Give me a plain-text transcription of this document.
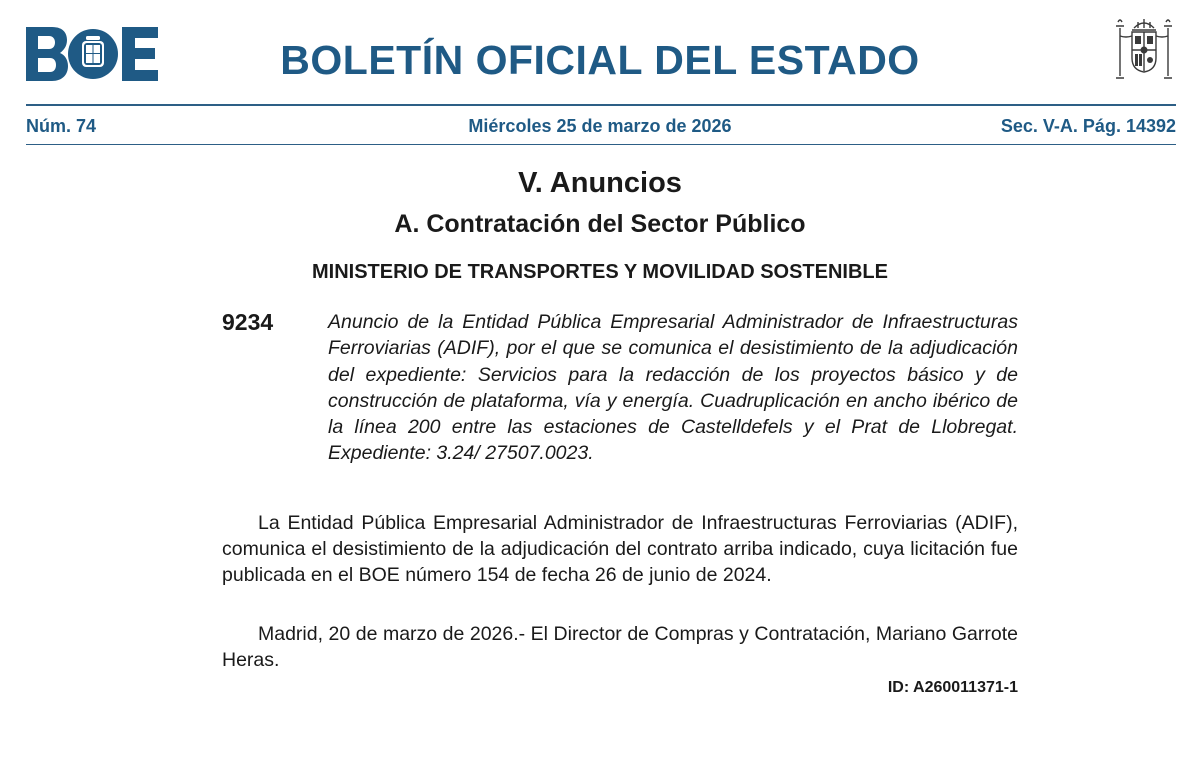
BOLETÍN OFICIAL DEL ESTADO
Núm. 74	Miércoles 25 de marzo de 2026	Sec. V-A. Pág. 14392
V. Anuncios
A. Contratación del Sector Público
MINISTERIO DE TRANSPORTES Y MOVILIDAD SOSTENIBLE
9234	Anuncio de la Entidad Pública Empresarial Administrador de Infraestructuras Ferroviarias (ADIF), por el que se comunica el desistimiento de la adjudicación del expediente: Servicios para la redacción de los proyectos básico y de construcción de plataforma, vía y energía. Cuadruplicación en ancho ibérico de la línea 200 entre las estaciones de Castelldefels y el Prat de Llobregat. Expediente: 3.24/ 27507.0023.

La Entidad Pública Empresarial Administrador de Infraestructuras Ferroviarias (ADIF), comunica el desistimiento de la adjudicación del contrato arriba indicado, cuya licitación fue publicada en el BOE número 154 de fecha 26 de junio de 2024.

Madrid, 20 de marzo de 2026.- El Director de Compras y Contratación, Mariano Garrote Heras.

ID: A260011371-1
